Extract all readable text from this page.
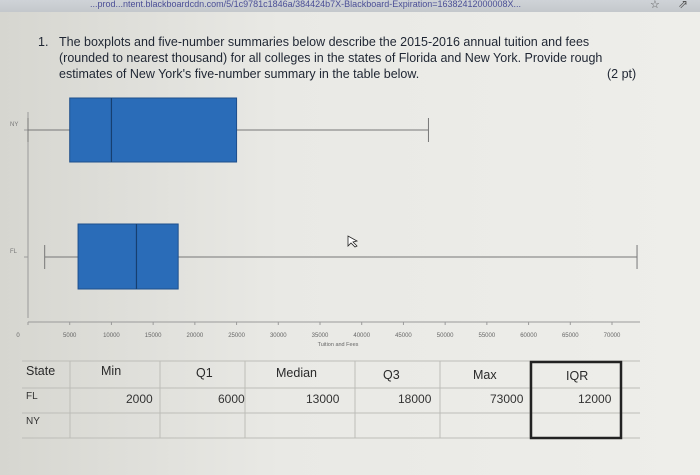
...prod...ntent.blackboardcdn.com/5/1c9781c1846a/384424b7X-Blackboard-Expiration=16382412000008X...	☆ ⇗
1. The boxplots and five-number summaries below describe the 2015-2016 annual tuition and fees (rounded to nearest thousand) for all colleges in the states of Florida and New York. Provide rough estimates of New York's five-number summary in the table below.	(2 pt)
NY
FL
0	5000	10000	15000	20000	25000	30000	35000	40000	45000	50000	55000	60000	65000	70000
Tuition and Fees
State	Min	Q1	Median	Q3	Max	IQR
FL	2000	6000	13000	18000	73000	12000
NY
